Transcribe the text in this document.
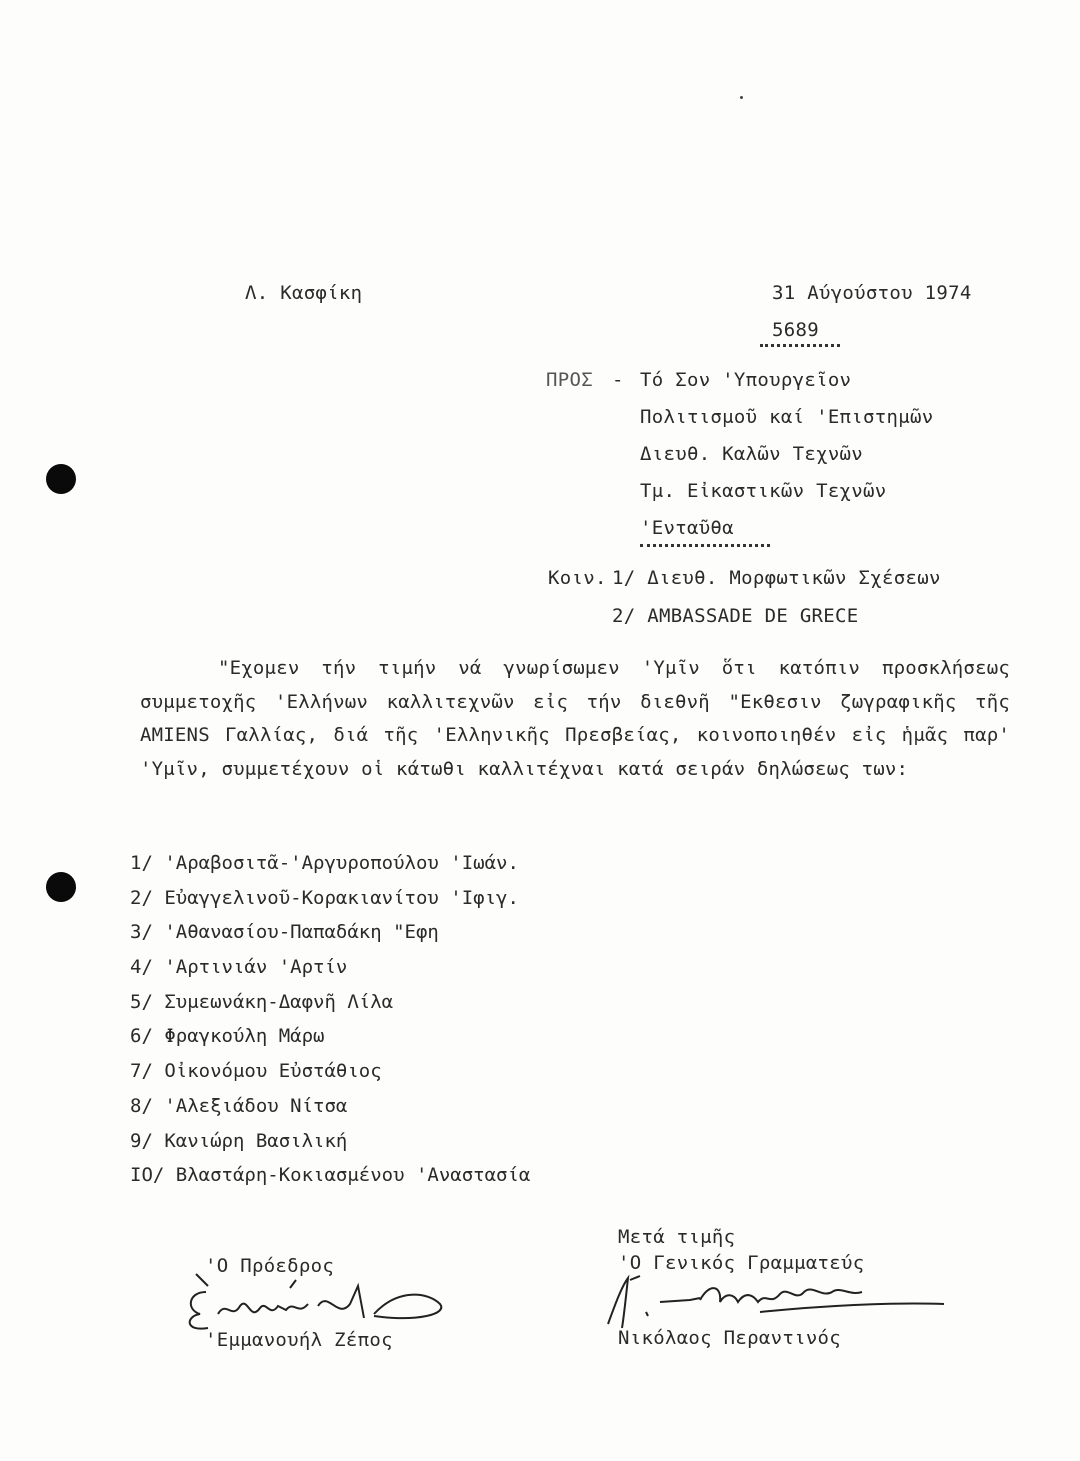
Λ. Κασφίκη	31 Αύγούστου 1974
5689
ΠΡΟΣ - Τό Σον 'Υπουργεῖον
Πολιτισμοῦ καί 'Επιστημῶν
Διευθ. Καλῶν Τεχνῶν
Τμ. Εἰκαστικῶν Τεχνῶν
'Ενταῦθα
Κοιν. 1/ Διευθ. Μορφωτικῶν Σχέσεων
2/ AMBASSADE DE GRECE
"Εχομεν τήν τιμήν νά γνωρίσωμεν 'Υμῖν ὅτι κατόπιν προσκλήσεως συμμετοχῆς 'Ελλήνων καλλιτεχνῶν εἰς τήν διεθνῆ "Εκθεσιν ζωγραφικῆς τῆς AMIENS Γαλλίας, διά τῆς 'Ελληνικῆς Πρεσβείας, κοινοποιηθέν εἰς ἡμᾶς παρ' 'Υμῖν, συμμετέχουν οἱ κάτωθι καλλιτέχναι κατά σειράν δηλώσεως των:
1/ 'Αραβοσιτᾶ-'Αργυροπούλου 'Ιωάν.
2/ Εὐαγγελινοῦ-Κορακιανίτου 'Ιφιγ.
3/ 'Αθανασίου-Παπαδάκη "Εφη
4/ 'Αρτινιάν 'Αρτίν
5/ Συμεωνάκη-Δαφνῆ Λίλα
6/ Φραγκούλη Μάρω
7/ Οἰκονόμου Εὐστάθιος
8/ 'Αλεξιάδου Νίτσα
9/ Κανιώρη Βασιλική
IO/ Βλαστάρη-Κοκιασμένου 'Αναστασία
Μετά τιμῆς
'Ο Πρόεδρος	'Ο Γενικός Γραμματεύς
Ζέπος
Ν. Περαντινός
'Εμμανουήλ Ζέπος	Νικόλαος Περαντινός
